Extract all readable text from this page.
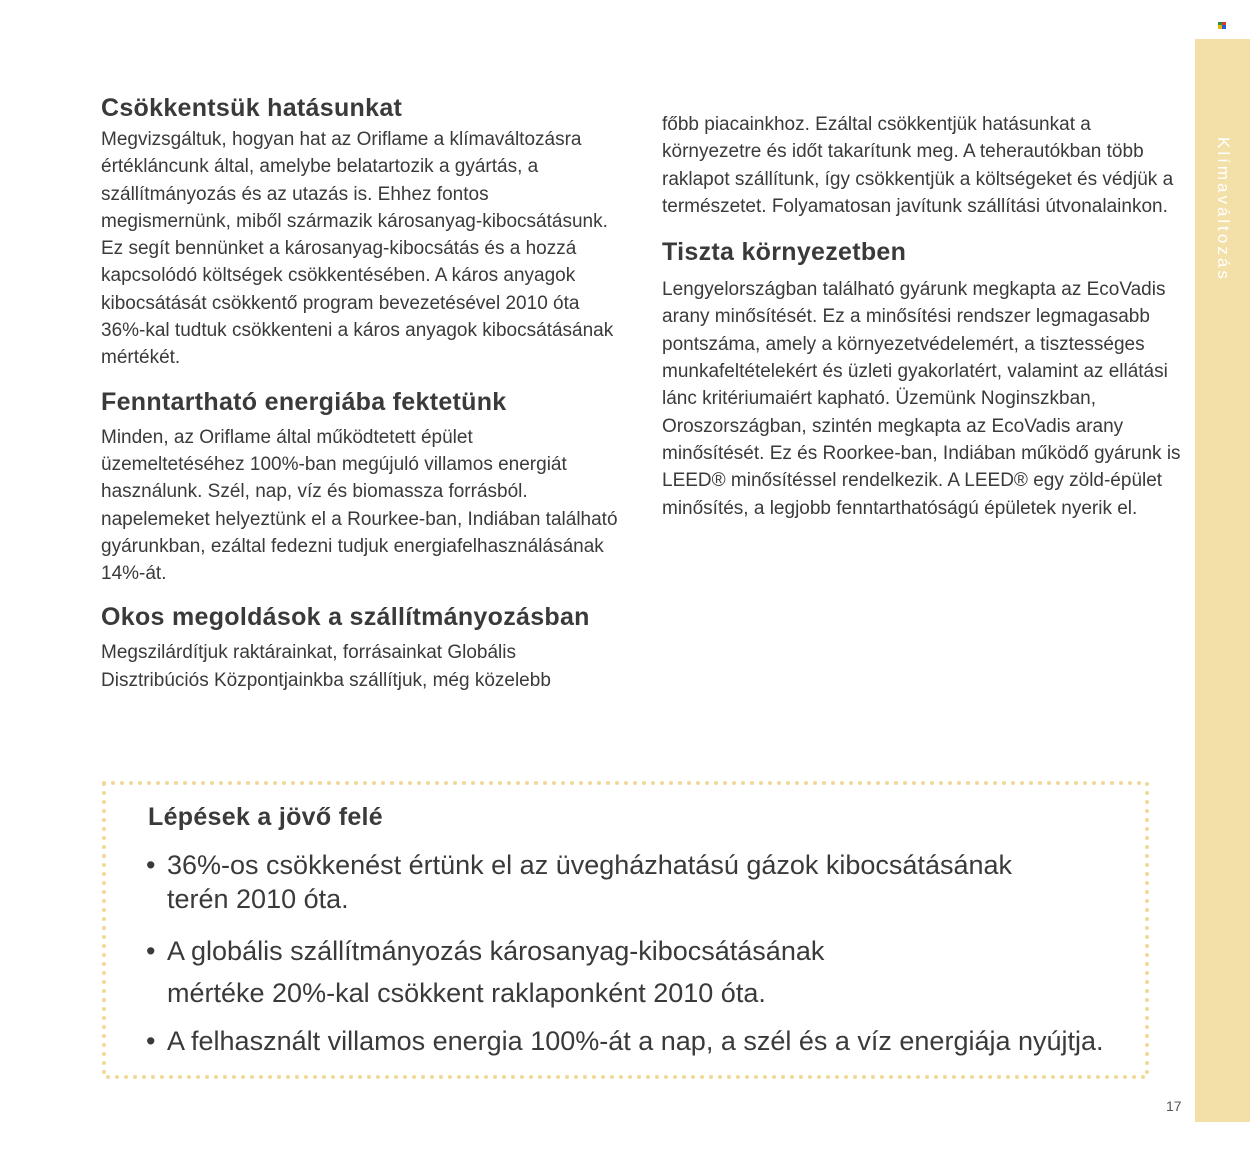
Csökkentsük hatásunkat

Megvizsgáltuk, hogyan hat az Oriflame a klímaváltozásra értékláncunk által, amelybe belatartozik a gyártás, a szállítmányozás és az utazás is. Ehhez fontos megismernünk, miből származik károsanyag-kibocsátásunk. Ez segít bennünket a károsanyag-kibocsátás és a hozzá kapcsolódó költségek csökkentésében. A káros anyagok kibocsátását csökkentő program bevezetésével 2010 óta 36%-kal tudtuk csökkenteni a káros anyagok kibocsátásának mértékét.

Fenntartható energiába fektetünk

Minden, az Oriflame által működtetett épület üzemeltetéséhez 100%-ban megújuló villamos energiát használunk. Szél, nap, víz és biomassza forrásból. napelemeket helyeztünk el a Rourkee-ban, Indiában található gyárunkban, ezáltal fedezni tudjuk energiafelhasználásának 14%-át.

Okos megoldások a szállítmányozásban

Megszilárdítjuk raktárainkat, forrásainkat Globális Disztribúciós Központjainkba szállítjuk, még közelebb

főbb piacainkhoz. Ezáltal csökkentjük hatásunkat a környezetre és időt takarítunk meg. A teherautókban több raklapot szállítunk, így csökkentjük a költségeket és védjük a természetet. Folyamatosan javítunk szállítási útvonalainkon.

Tiszta környezetben

Lengyelországban található gyárunk megkapta az EcoVadis arany minősítését. Ez a minősítési rendszer legmagasabb pontszáma, amely a környezetvédelemért, a tisztességes munkafeltételekért és üzleti gyakorlatért, valamint az ellátási lánc kritériumaiért kapható. Üzemünk Noginszkban, Oroszországban, szintén megkapta az EcoVadis arany minősítését. Ez és Roorkee-ban, Indiában működő gyárunk is LEED® minősítéssel rendelkezik. A LEED® egy zöld-épület minősítés, a legjobb fenntarthatóságú épületek nyerik el.

Lépések a jövő felé
• 36%-os csökkenést értünk el az üvegházhatású gázok kibocsátásának terén 2010 óta.
• A globális szállítmányozás károsanyag-kibocsátásának mértéke 20%-kal csökkent raklaponként 2010 óta.
• A felhasznált villamos energia 100%-át a nap, a szél és a víz energiája nyújtja.
Klímaváltozás
17
